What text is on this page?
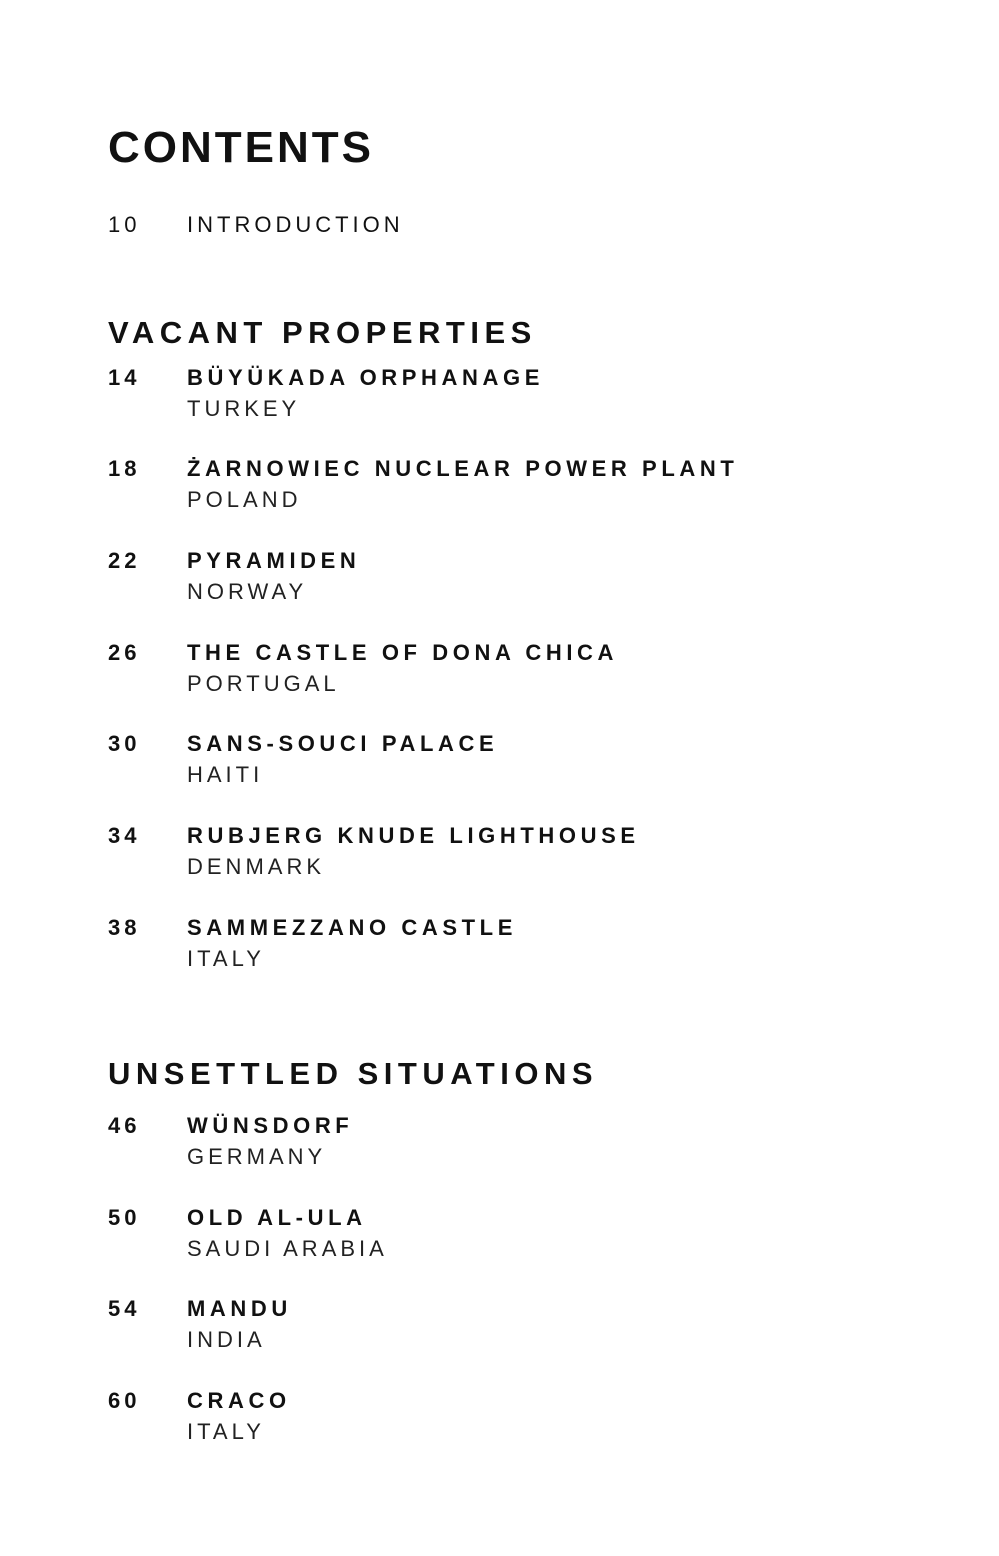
CONTENTS
10 INTRODUCTION
VACANT PROPERTIES
14 BÜYÜKADA ORPHANAGE
TURKEY
18 ŻARNOWIEC NUCLEAR POWER PLANT
POLAND
22 PYRAMIDEN
NORWAY
26 THE CASTLE OF DONA CHICA
PORTUGAL
30 SANS-SOUCI PALACE
HAITI
34 RUBJERG KNUDE LIGHTHOUSE
DENMARK
38 SAMMEZZANO CASTLE
ITALY
UNSETTLED SITUATIONS
46 WÜNSDORF
GERMANY
50 OLD AL-ULA
SAUDI ARABIA
54 MANDU
INDIA
60 CRACO
ITALY
